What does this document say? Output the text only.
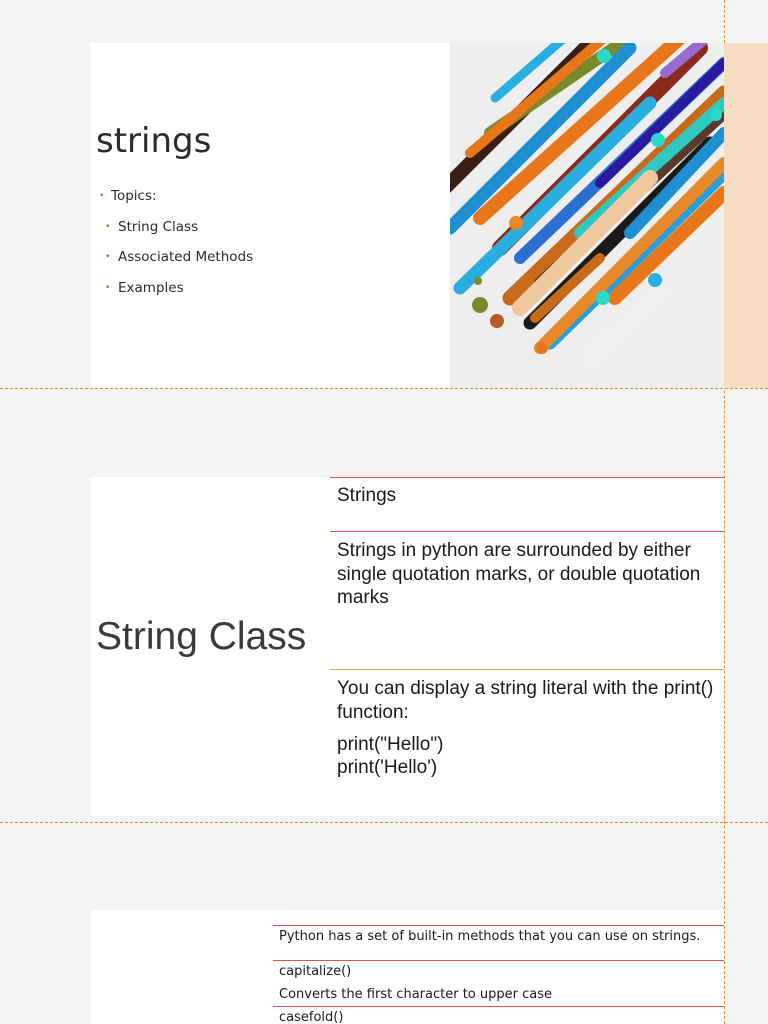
strings
• Topics:
• String Class
• Associated Methods
• Examples
String Class

Strings

Strings in python are surrounded by either single quotation marks, or double quotation marks

You can display a string literal with the print() function:

print("Hello")

print('Hello')

Python has a set of built-in methods that you can use on strings.

capitalize()

Converts the first character to upper case

casefold()
